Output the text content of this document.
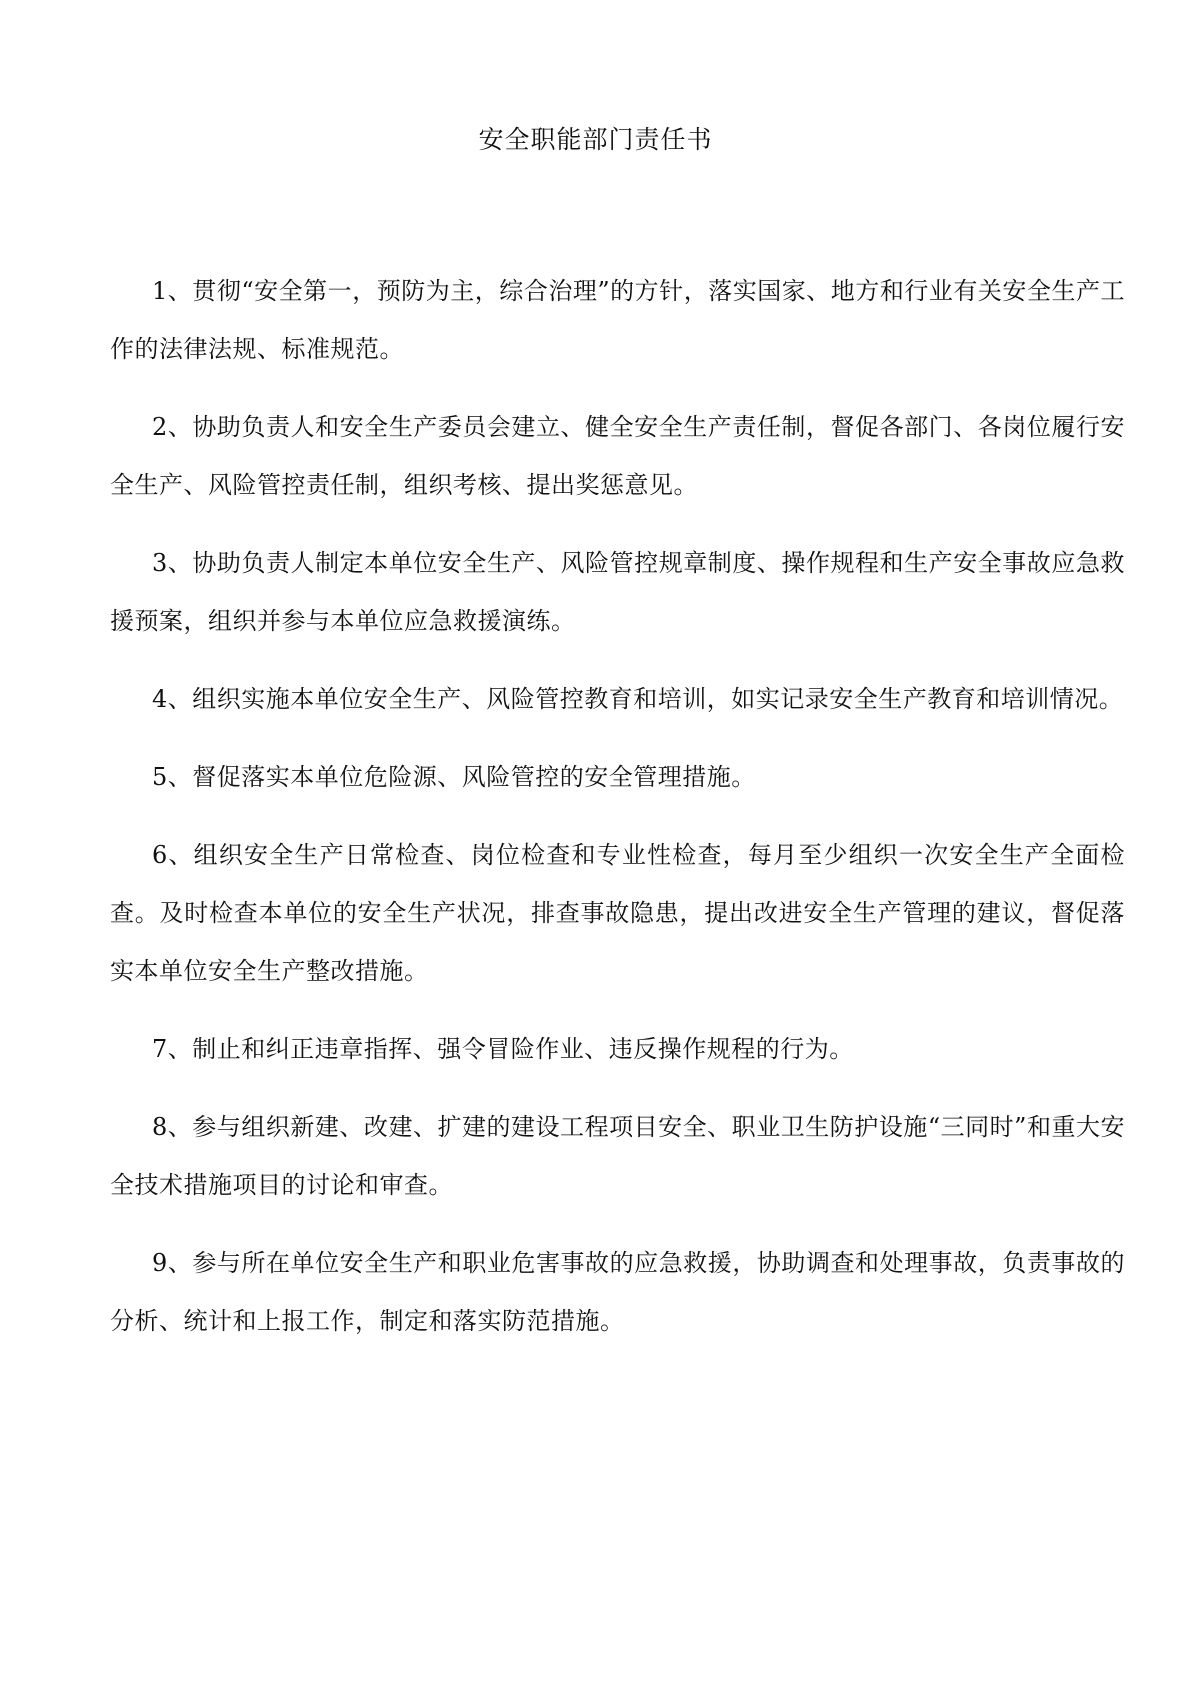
安全职能部门责任书

1、贯彻“安全第一，预防为主，综合治理”的方针，落实国家、地方和行业有关安全生产工作的法律法规、标准规范。

2、协助负责人和安全生产委员会建立、健全安全生产责任制，督促各部门、各岗位履行安全生产、风险管控责任制，组织考核、提出奖惩意见。

3、协助负责人制定本单位安全生产、风险管控规章制度、操作规程和生产安全事故应急救援预案，组织并参与本单位应急救援演练。

4、组织实施本单位安全生产、风险管控教育和培训，如实记录安全生产教育和培训情况。

5、督促落实本单位危险源、风险管控的安全管理措施。

6、组织安全生产日常检查、岗位检查和专业性检查，每月至少组织一次安全生产全面检查。及时检查本单位的安全生产状况，排查事故隐患，提出改进安全生产管理的建议，督促落实本单位安全生产整改措施。

7、制止和纠正违章指挥、强令冒险作业、违反操作规程的行为。

8、参与组织新建、改建、扩建的建设工程项目安全、职业卫生防护设施“三同时”和重大安全技术措施项目的讨论和审查。

9、参与所在单位安全生产和职业危害事故的应急救援，协助调查和处理事故，负责事故的分析、统计和上报工作，制定和落实防范措施。
